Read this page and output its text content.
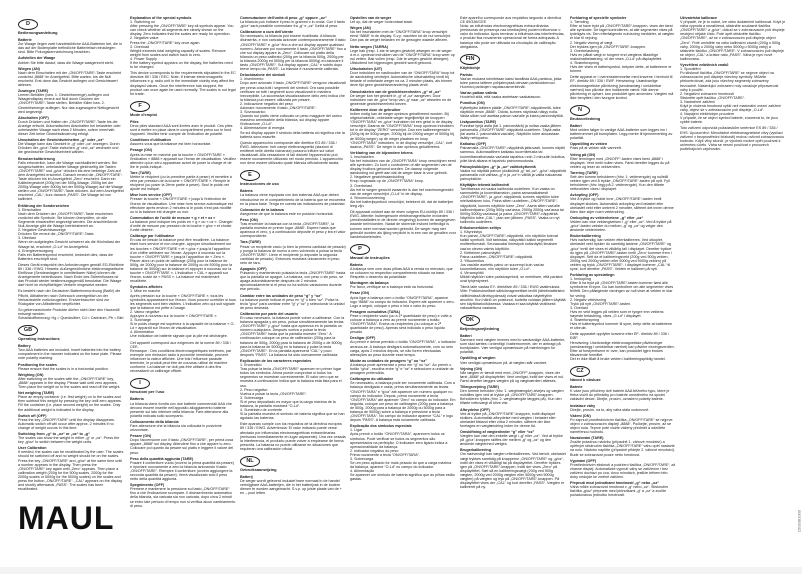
D
Bedienungsanleitung

Batterie
Zur Waage liegen zwei handelsübliche AAA-Batterien bei, die in das auf der Bodenplatte befindliche Batteriefach einzulegen sind. Bitte Polungskennzeichnung beachten.

Aufstellen der Waage
Achten Sie bitte darauf, dass die Waage waagerecht steht.

Wiegen (AN)
Nach dem Einschalten mit der „ON/OFF/TARE“-Taste erscheint zunächst „8888“ im Anzeigefeld. Bitte warten, bis die Null erscheint. Erst dann das Gewicht auflegen und Gewichtswert ablesen.

Zuwiegen (TARE)
Leeren Behälter (bzw. 1. Gewichtsmenge) auflegen und Waagendisplay erneut auf Null durch Drücken der „ON/OFF/TARE“-Taste stellen. Behälter füllen bzw. 2. Gewichtsmenge auflegen. Nur das zugewogene Nettogewicht wird angezeigt.

Abschalten (OFF)
Durch Drücken und Halten der „ON/OFF/TARE“-Taste bis die Anzeige erlischt. Automatisches Abschalten bei belasteter oder unbelasteter Waage nach etwa 2 Minuten, sofern innerhalb dieser Zeit keine Gewichtsänderung erfolgt.

Umschalten der Gewichtseinheiten „g“ oder „oz“
Die Waage kann das Gewicht in „g“ oder „oz“ anzeigen. Durch Drücken der „g/oz“-Taste zwischen „g“ und „oz“ wechseln und die gewünschte Gewichtseinheit wählen.

Benutzerkalibrierung
Falls erforderlich, kann die Waage nachkalibriert werden. Bei ausgeschalteter, unbelasteter Waage gleichzeitig die Tasten „ON/OFF/TARE“ und „g/oz“ drücken bis eine beliebige Zahl auf dem Anzeigefeld erscheint. Danach erneut die „ON/OFF/TARE“-Taste drücken bis im Anzeigefeld „Zero“ erscheint. Dann ein Kalibriergewicht (200g bei der 500g-Waage, 2000g bei der 2000g-Waage oder 5000g bei der 5000g-Waage) auf die Waage stellen und „ON/OFF/TARE“-Taste drücken. Auf dem Anzeigefeld erscheint „CAL“, kurz danach „PASS“. Die Waage ist nun kalibriert.

Erklärung der Sonderzeichen
1. Einschalten
Nach dem Drücken der „ON/OFF/TARE“-Taste erscheinen zunächst alle Symbole. Sie können überprüfen, ob alle Segmente einwandfrei angezeigt werden. Die anschließende Null-Anzeige gibt die Waage betriebsbereit an.
2. Negative Gewichtsanzeige
Drücken Sie erneut die „ON/OFF/TARE“-Taste.
3. Überlast
Wenn ein aufgelegtes Gewicht schwerer als die Höchstlast der Waage ist, erscheint „O-Ld“ im Anzeigefeld.
4. Energieversorgung
Falls ein Batteriesymbol erscheint, bedeutet dies, dass die Batterien erschöpft sind.

Dieses Gerät entspricht den Anforderungen gemäß EG-Richtlinie 89 / 336 / EWG. Hinweis: Außergewöhnliche elektromagnetische Einflüsse (Sendeanlagen in unmittelbarer Nähe) können die Anzeigewerte beeinflussen. Nach Ende des Störeinflusses ist das Produkt wieder bestimmungsgemäß benutzbar. Die Waage darf nicht im eichpflichtigen Verkehr eingesetzt werden.

Es besteht nach der Deutschen Batterieverordnung (BattV) die Pflicht, Altbatterien nach Gebrauch unentgeltlich an der Verkaufsstelle zurückzugeben. Endverbraucher sind zur Rückgabe von Altbatterien verpflichtet.

So gekennzeichnete Produkte dürfen nicht über den Hausmüll entsorgt werden.
Schadstoffkennung: Hg = Quecksilber, Cd = Cadmium, Pb = Blei

GB
Operating Instructions

Battery
Two AAA batteries are included. Insert batteries into the battery compartment in the manner indicated on the base plate. Please note polarity marking.

Positioning the scales
Please ensure that the scales is in a horizontal position.

Weighing (ON)
After switching on the scales with the „ON/OFF/TARE“ key, „8888“ appears in the display. Please wait until zero appears. Then place the weight on to the scales and read off the weight.

Net weighing (TARE)
Place an empty container (i.e. first weight) on to the scales and then subtract this weight by pressing the key until zero appears. Fill the container (i.e. place second weight) on the scales. Only the additional weight is indicated in the display.

Switch off (OFF)
Press the key „ON/OFF/TARE“ until the display disappears. Automatic switch off will occur after approx. 2 minutes if no change of weight occurs in this time.

Switching from „g“ to „oz“ or „oz“ to „g“
The scales can show the weight in either „g“ or „oz“. Press the key „g/oz“ to switch between the weight units.

User Calibration
If needed, the scales can be recalibrated by the user. The scales should be switched off and no weight should be on the scales. Press the key „ON/OFF/TARE“ and „g/oz“ at the same time until a number appears in the display. Then press the „ON/OFF/TARE“ key again until „Zero“ appears. Then place a calibration weight (200g for the 500g scales, 2000g for the 2000g scales or 5000g for the 5000g scales) on the scales and press the button „ON/OFF/TARE“. „CAL“ appears on the display and shortly afterwards „PASS“. The scales has been recalibrated.

MAUL

Explanation of the special symbols
1. Switching on
After pressing the „ON/OFF/TARE“ key all symbols appear. You can check whether all segments are clearly shown on the display. Zero indicates that the scales are ready for operation.
2. Negative value
Press the „ON/OFF/TARE“ key once again.
3. Overload
Weight exceeds total weighing capacity of scales. Remove weight from scales and switch back to zero.
4. Power Supply
If the battery symbol appears on the display, the batteries need to be changed.

This device corresponds to the requirements stipulated in the EC directive 89 / 336 / EEC. Note: If intense electromagnetic influences e.g. radio unit in the immediate vicinity may affect the displayed values. Once the interference has stopped, the product can once again be used normally. The scales is not legal for trade.

F
Mode d'emploi

Piles
Deux piles standard AAA sont livrées avec le produit. Ces piles sont à mettre en place dans le compartiment prévu sur le fond l'appareil. Veuillez tenir compte de l'indication de polarité.

Conditions d'utilisation
Assurez-vous que la balance est bien horizontale.

Pesage (ON)
Après la mise en marche par la touche « ON/OFF/TARE » l'indication « 8888 » apparaît sur l'écran de visualisation. Veuillez attendre qu'un zéro apparaisse avant de poser la charge et de lire le poids indiqué.

Tare (TARE)
Mettre le récipient (ou la première partie à peser) et remettre à zéro par pression de la touche « ON/OFF/TARE ». Remplir le récipient (ou poser la 2ème partie à peser). Seul le poids net ajouté est indiqué.

Mise hors service (OFF)
Presser la touche « ON/OFF/TARE » jusqu'à l'extinction de l'écran de visualisation. Une mise hors service automatique est effectuée après environ 2 minutes si le poids n'est pas modifié ou si la balance est chargée ou non.

Commutation de l'unité de mesure « g » et « oz »
La balance peut indiquer les poids en « g » ou « oz ». Changer d'unité de mesure par pression de la touche « g/oz » et choisir l'unité désirée.

Calibrage par l'utilisateur
En cas de besoin la balance peut être recalibrée. La balance étant hors service et non chargée, appuyer simultanément sur les touches « ON/OFF/TARE » et « g/oz » jusqu'à l'apparition d'un chiffre arbitraire sur l'écran. Appuyer à nouveau sur la touche « ON/OFF/TARE » jusqu'à l'apparition de « Zero ». Placer alors un poids de calibrage (200g pour la balance de 500g, de 2000g pour la balance de 2000g ou de 5000g pour la balance de 5000g) sur la balance et appuyer à nouveau sur la touche « ON/OFF/TARE ». L'indication « CAL » apparaît sur l'écran, suivie de « PASS ». La balance est maintenant recalibrée.

Symboles affichés
1. Mise en marche
Après pression sur la touche « ON/OFF/TARE », tous les symboles apparaissent sur l'écran. Vous pouvez contrôler si tous les segments sont bien visibles. L'indication zéro qui suit signale que la balance est prête à l'usage.
2. Valeur négative
Appuyez à nouveau sur la touche « ON/OFF/TARE ».
3. Surcharge
Si le poids chargé est supérieur à la capacité de la balance « O-Ld » apparaît sur l'écran de visualisation.
4. Alimentation
Une indication de batterie signale que la pile est déchargée.

Cet appareil correspond aux exigences de la norme 89 / 336 / CEE.
Remarque : Des conditions électromagnétiques extrêmes, par exemple une émission radio à proximité immédiate, peuvent influencer la valeur affichée. Une fois l'influence parasite terminée, le produit peut être de nouveau utilisé de manière conforme. La balance ne doit pas être utilisée à des fins nécessitant un calibrage officiel.

I
Istruzioni per l'uso

Batteria
La bilancia viene fornita con due batterie commerciali AAA che devono essere inserite nell'apposito alloggiamento batterie presente sul lato inferiore della bilancia. Fare attenzione alla polarità indicata sullo scomparto.

Collocamento della bilancia
Fare attenzione che la bilancia sia collocata in posizione orizzontale.

Pesare (ON)
Dopo l'accensione con il tasto „ON/OFF/TARE“, per prima cosa appare „8888“ sul display. Attendere fino a che appare lo zero. Collocare poi quanto da pesare sul piatto e leggere il valore del peso.

Peso della quantità aggiunta (TARE)
Posare il contenitore vuoto (ovvero la prima quantità da pesare) e riportare nuovamente a zero la bilancia azionando il tasto „ON/OFF/TARE“. Riempire il contenitore (ovvero aggiungere la seconda quantità da pesare). Verrà visualizzato solo il peso netto della quantità aggiunta.

Spegnimento (OFF)
Premere e mantenere la pressione sul tasto „ON/OFF/TARE“ fino a che l'indicazione scompare. Il disinserimento automatico della bilancia, sia caricata sia non caricata, dopo circa 2 minuti se entro tale periodo di tempo non si verifica alcun cambiamento di peso.

Commutazione dell'unità di peso „g“ oppure „oz“
La bilancia può indicare il peso in grammi o in oncia. Con il tasto „g/oz“ sarà possibile commutare fra „g“ e „oz“ l'unità di peso.

Calibrazione a cura dell'utente
Se necessario, la bilancia può essere ricalibrata. A bilancia disinserita, e non caricata azionare contemporaneamente il tasto „ON/OFF/TARE“ e „g/oz“ fino a che sul display appare qualsiasi numero. Azionare poi nuovamente il tasto „ON/OFF/TARE“ fino a che sul display appare la „Zero“. Collocare sul piatto della bilancia un peso calibrato (200g per la bilancia 500g, 2000g per la bilancia 2000g ed 5000g per la bilancia 5000g) ed azionare il tasto „ON/OFF/TARE“. Sul display appare „CAL“ e subito dopo breve tempo da „PASS“. La bilancia è nuovamente calibrata.

Delucidazione dei simboli
1. Inserimento
Dopo aver azionato il tasto „ON/OFF/TARE“ vengono visualizzati per prima cosa tutti i segmenti dei simboli. Ora sarà possibile verificare se tutti i segmenti sono visualizzati in maniera ineccepibile. La successiva visualizzazione dello zero indica che la bilancia può essere utilizzata per pesare.
2. Indicazione negativa del peso
Azionare nuovamente il tasto „ON/OFF/TARE“.
3. Sovraccarico
Quando sul piatto viene collocato un peso maggiore del carico massimo ammissibile della bilancia, sul display appare l'indicazione „O-Ld“.
4. Alimentazione di energia
Se sul display appare il simbolo della batteria ciò significa che la batteria sono esaurite.

Questo apparecchio corrisponde alle direttive EG 89 / 336 / EWG. Attenzione: forti campi elettromagnetici (stazioni di emittenti nelle diretta vicinanza) possono influire sui valori visualizzati. Alla cessazione di tali disturbi l'apparecchio può essere nuovamente utilizzato nel modo previsto. L'apparecchio non deve essere utilizzato quale bilancia ufficialmente tarata.

E
Instrucciones de uso

Batería
La balanza viene equipada con dos baterías AAA que deben introducirse en el compartimiento de la batería que se encuentra en la placa base. Tenga en cuenta las indicaciones de polaridad.

Colocación de la balanza
Asegúrese de que la balanza esté en posición horizontal.

Peso (ON)
Tras encender la balanza con la tecla „ON/OFF/TARE“, la pantalla muestra en primer lugar „8888“. Espere hasta que aparezca el cero, y a continuación deposite el peso y lea el valor correspondiente.

Tara (TARE)
Pesar un recipiente vacío (o bien la primera cantidad de pesado) y ponga la balanza de nuevo a cero volviendo a pulsar la tecla „ON/OFF/TARE“. Llene el recipiente (o deposite la segunda cantidad de pesado). Entonces mostrará únicamente el peso neto de tara.

Apagado (OFF)
Pulsando y manteniendo pulsada la tecla „ON/OFF/TARE“ hasta que la pantalla se apague. La balanza, con peso o sin peso, se apaga automáticamente después de 2 minutos aproximadamente si el peso no ha sufrido variaciones durante ese período.

Cambiar entre las unidades de peso “g” y “oz”
La balanza puede indicar el peso en “g” o bien “oz”. Pulse la tecla “g/oz” para cambiar entre “g” y “oz” y seleccionar la unidad de peso deseada.

Calibración por parte del usuario
En caso necesario, la balanza puede volver a calibrarse. Con la balanza apagada y sin peso, pulsar simultáneamente las teclas „ON/OFF/TARE“ y „g/oz“ hasta que aparezca en la pantalla un número cualquiera. Después vuelva a pulsar la tecla „ON/OFF/TARE“ hasta que la pantalla muestre “Zero”. A continuación coloque un peso de calibración (200g para la balanza de 500g, 2000g para la balanza de 2000g o de 5000g para la balanza de 5000g) en la balanza y pulse la tecla „ON/OFF/TARE“. En la pantalla aparecerá “CAL” y poco después “PASS”. La balanza ha sido nuevamente calibrada.

Explicación de los caracteres especiales
1. Encendido
Tras pulsar la tecla „ON/OFF/TARE“ aparecen en primer lugar todos los símbolos. Ahora puede comprobar si todos los segmentos se muestran correctamente. El valor cero que se muestra a continuación indica que la balanza está lista para el uso.
2. Peso negativo
Vuelva a pulsar la tecla „ON/OFF/TARE“.
3. Sobrecarga
Si el peso depositado es mayor que la carga máxima de la balanza, la pantalla mostrará “O-Ld”.
4. Suministro de corriente
Si la pantalla muestra el símbolo de batería significa que se han agotado las baterías.

Este aparato cumple con los requisitos de la directiva europea 89 / 336 / EWG. Advertencia: El valor indicado puede verse afectado por influencias electromagnéticas extraordinarias (emisoras inmediatamente en lugar adyacente). Una vez cesada la interferencia, el producto puede volver a emplearse de forma prescrita. La balanza no puede utilizarse en situaciones que requieran una calibración oficial.

NL
Gebruiksaanwijzing

Batterij
De weger wordt geleverd inclusief twee normaal in de handel verkrijgbare AAA-batterijen, die in het batterijvak in de bodem dienen te worden aangebracht. S.v.p. op juiste plaats van de + en – pool letten.

Opstellen van de weger
Let op, dat de weger horizontaal staat.

Wegen (AN)
Na het inschakelen met de “ON/OFF/TARA” knop verschijnt eerst “8888” in de display. S.v.p. wachten tot de nul verschijnt. Dan pas de weger belasten en de gewogen waarde aflezen.

Netto wegen (TARRA)
Lege bak (resp. 1.ste te wegen gewicht) afwegen en de weger d.m.v. opnieuw indrukken van de “ON/OFF/TARA” knop weer op nul zetten. Bak vullen (resp. 2de te wegen gewicht afwegen). Uitsluitend het bijgewogen gewicht wordt getoond.

Uitschakelen (UIT)
Door indrukken en vasthouden van de “ON/OFF/TARA” knop tot de aanduiding verdwijnt. Automatische uitschakeling vindt bij belaste of onbelaste weger na ca. 2 minuten plaats, als binnen deze tijd geen gewichtsverandering plaats vindt.

Omschakelen van de gewichtseenheden „g“ of „oz“
De weger kan het gewicht in „g“ of „oz“ aangeven. Door indrukken van de „g/oz“ knop van „g“ naar „oz“ wisselen en de gewenste gewichtseenheid kiezen.

Kalibreren door de gebruiker
Indien nodig kan de weger opnieuw gekalibreerd worden. Bij uitgeschakelde, onbelaste weger tegelijkertijd de knoppen “ON/OFF/TARA” en „g/oz“ indrukken tot een getal in de display verschijnt. Daarna de “ON/OFF/TARA” knop opnieuw indrukken tot in de display “ZERO” verschijnt. Dan een kalibreergewicht (200g bij de 500g weger, 2000g bij de 2000g weger of 5000g bij de 5000g weger) op de weger plaatsen en knop “ON/OFF/TARA” indrukken. In de display verschijnt „CAL“, kort daarna „PASS“. De weger is dan opnieuw gekalibreerd.

Verklaring van de bijzondere tekens
1. Inschakelen
Na het indrukken van de „ON/OFF/TARA“ knop verschijnen eerst alle symbolen. Zo kunt u controleren of alle segmenten van de display foutloos getoond worden. De daarop volgende aanduiding nul geeft aan dat de weger klaar is voor gebruik.
2. Negatieve gewichtsaanduiding
Knop nogmaals op de „ON/OFF/TARA“ knop.
3. Overbelast
Als het te wegen gewicht zwaarder is dan het maximumgewicht van de weger verschijnt „O-Ld“ in de display.
4. Stroomvoorziening
Als het batterijsymbool verschijnt, betekent dit, dat de batterijen leeg zijn.

Dit apparaat voldoet aan de eisen volgens EU-richtlijn 89 / 336 / EWG. Attentie: buitengewone elektromagnetische invloeden (zendinstallaties in de directe omgeving) kunnen de aangegeven waarde beïnvloeden. Nadat de storende invloed beëindigd is kunnen weer normaal worden gebruikt. De weger mag niet gebruikt worden als ijking verplicht is in een van de gevallen voor handelsdoeleinden.

P
Manual de instruções

Bateria
A balança vem com duas pilhas AAA à venda no mercado, que se colocam no respectivo compartimento situado na base. Respeite o desenho da polaridade.

Montagem da balança
Por favor, verifique se a balança está na horizontal.

Pesar (ON)
Após ligar a balança com o botão “ON/OFF/TARA”, aparece logo “8888” no campo do indicador. Espere até aparecer o zero. Logo a seguir, coloque o peso e leia o valor do peso.

Pesagem cumulativa (TARA)
Pese o recipiente vazio (ou a 1ª quantidade de peso) e volte a colocar a balança a zero ao premir novamente o botão “ON/OFF/TARA”. Encha os recipientes (ou coloque a 2ª quantidade de peso). Apenas será indicado o peso líquido pesado.

Desligar (OFF)
Ao premir e deixar premido o botão “ON/OFF/TARA”, o indicador arranca-se. A balança desligará automaticamente, com ou sem carga, após 2 minutos depois, se não forem efectuadas alterações ao peso durante esse tempo.

Mudar as unidades de pesagem “g” ou “oz”
A balança pode apresentar o peso em “g” ou “oz”. Ao premir o botão “g/oz”, escolha entre “g” e “oz” e seleccione a unidade de pesagem pretendida.

Calibragem do utilizador
Se necessário, a balança pode ser novamente calibrada. Com a balança desligada e vazia, prima simultaneamente as teclas “ON/OFF/TARA” e “g/oz” até aparecer um número qualquer no campo do indicador. Depois, prima novamente a tecla “ON/OFF/TARA” até aparecer “Zero” no campo do indicador. Em seguida, coloque um peso de calibragem (200g para a balança de 500g, 2000g para a balança de 2000g ou 5000g para a balança de 5000g) sobre a balança e pressione a tecla „ON/OFF/TARA“. No campo do indicador aparece “CAL” e logo depois “PASS”. A balança está novamente calibrada.

Explicação dos símbolos especiais
1. Ligar
Após premir o botão “ON/OFF/TARA”, aparecem todos os símbolos. Pode verificar se todos os segmentos são apresentados na perfeição. O indicador zero ligado indica a operacionalidade da balança.
2. Indicador negativo do peso
Prima novamente a tecla “ON/OFF/TARA”.
3. Sobrecarga
Se um peso aplicado for mais pesado do que a carga máxima da balança, aparece “O-Ld” no campo do indicador.
4. Alimentação
Se aparecer um símbolo de bateria significa que as pilhas estão gastas.

Este aparelho corresponde aos requisitos segundo a directiva CE 89/336/CEE.
Nota: as influências electromagnéticas extraordinárias (emissoras de presença nas imediações) podem influenciar o valor do indicador. Após terminar a influência das interferências, o produto fica novamente operacional de forma adequada. A balança não pode ser utilizada na circulação de calibração obrigatória.

FIN
Käyttöohje

Paristo
Vaa'an mukana toimitetaan kaksi tavallista AAA-paristoa, jotka tulee panna laitteen pohjalevyssä olevaan paristolokeroon. Huomioi paristojen napaisuusmerkinnät.

Vaa'an paikan valinta
Huolehdi siitä, että vaaka asetetaan vaakatasoon.

Punnitus (ON)
Kytkettyäsi laitteen päälle „ON/OFF/TARE“-näppäimellä, tulee näyttöön ensin „8888“. Odota, kunnes näytössä näkyy nolla. Vasta silloin voit asettaa painon vaa'alle ja lukea painonnäyttöä.

Lisäpunnitus (TARE)
Punnitse tyhjä astia (tai 1. painomäärä) ja nollaa vaaka jälleen painamalla „ON/OFF/TARE“-näppäintä uudelleen. Täytä astia (tai aseta 2. painomäärä vaa'alle). Näyttöön tulee ainoastaan lisätty nettopaino.

Katkaisu (OFF)
Painamalla „ON/OFF/TARE“-näppäintä jatkuvasti, kunnes näyttö sammuu. Automaattinen katkaisu kuormitetusta tai kuormittamattomasta vaa'asta tapahtuu noin 2 minuutin kuluttua, jollei tänä aikana ei tapahdu painonmuutosta.

Painoyksikköjen „g“ ja „oz“ vaihtokytkentä
Vaaka voi näyttää painon yksikköinä „g“ tai „oz“. „g/oz“-näppäintä painamalla voit vaihtaa „g“:n ja „oz“:n välillä ja valita haluamasi painoyksikön.

Käyttäjän tekemä kalibrointi
Tarvittaessa voi vaaka kalibroida uudelleen. Kun vaaka on sammutettu ja kuormittamaton, paina samanaikaisesti „ON/OFF/TARE“- ja „g/oz“-näppäimiä, kunnes näyttöön tulee mielivaltainen luku. Paina sitten uudelleen „ON/OFF/TARE“-näppäintä, kunnes näyttöön tulee „Zero“. Aseta sitten vaa'alle kalibrointipaino (200g 500g vaa'assa, 2000g 2000g vaa'assa tai 5000g 5000g vaa'assa) ja paina „ON/OFF/TARE“-näppäintä. Näyttöön tulee „CAL“, pian sen jälkeen „PASS“. Vaaka on nyt kalibroitu uudelleen.

Erikoismerkkien selitys
1. Käynnistys
Kun painat „ON/OFF/TARE“-näppäintä, niin näyttöön tulevat kaikki symbolit. Voit tarkistaa, näkyvätkö kaikki segmentit moitteettomasti. Seuraavaksi ilmestyvä nollanäyttö ilmaisee vaa'an olevan valmis käyttöön.
2. Kielteinen painonäyttö
Paina uudelleen „ON/OFF/TARE“-näppäintä.
3. Ylikuormitus
Jos vaa'alle asetettu paino on suurempi kuin vaa'an kuormitettavuus, niin näyttöön tulee „O-Ld“.
4. Virransyöttö
Mikäli näyttöön tulee paristosymboli, se merkitsee, että paristot ovat tyhjentyneet.

Tämä laite vastaa EY- direktiivin 89 / 336 / EWG vaatimuksia. Viite: Poikkeukselliset sähkömagneettiset levitit (lähetinlaitteistot välittömässä läheisyydessä) voivat vaikuttaa näytettyihin arvoihin. Kun häiriö on poistunut, tuotetta voidaan jälleen käyttää sen käyttötarkoituksessa. Vaakaa ei saa käyttää virallisesti vakautettuna vaakana.

DK
Betjeningsvejledning

Batteri
Sammen med vægten leveres med to sædvanlige AAA-batterier, som skal sættes i ordentligt i batterirummet, der er anbragt på bundpladen. Vær venligst opmærksom på mærkningen for polarität.

Opstilling af vægten
Vær venligst opmærksom på, at vægten står vandret.

Vejning (ON)
Når vægten er tændt med med „ON/OFF“-knappen, vises der først „8888“ på displayfeltet. Vent venligst, indtil der vises et nul. Først derefter lægges vægten på og vægtværdien aflæses.

Tillægsvejning (TARE)
Den tomme beholder (hhv. 1. vægtmængde) afvejes og vægten nulstilles igen ved at trykke på „ON/OFF/TARE“-knappen. Beholderen fyldes (hhv. 2. vægtmængde lægges på). Kun den tilførte nettovægt vil blive vist.

Afbrydelse (OFF)
Ved at trykke på „ON/OFF/TARE“-knappen, indtil displayet slukkes. Automatisk afbrydelse med vægten i belastet eller ubelastet tilstand efter cirka 2 minutter, såfremt der ikke foretages en vægtændring inden for denne tid.

Omskiftning af vægtenheder “g” eller “oz”
Vægten kan vise den enkelte vægt i „g“ eller „oz“. Ved at trykke på „g/oz“-knappen skiftes der mellem „g“ og „oz“ og den ønskede vægtenhed vælges.

Brugerkalibrering
Om nødvendigt kan vægten efterkalibreres. Ved tændt, ubelastet vægt trykkes samtidig på knapperne „ON/OFF/TARE“ og „g/oz“, indtil der vises et vilkårligt tal på displayfeltet. Derefter trykkes igen på „ON/OFF/TARE“-knappen, indtil der vises „Zero“ på displayfeltet. Sæt så en kalibreringsvægt (200g ved 500g vægten, 2000g ved 2000g vægten eller 5000g ved 5000g vægten) på vægten og tryk på „ON/OFF/TARE“-knappen. På displayfeltet vises der „CAL“ og kort derefter „PASS“. Vægten er kalibreret på ny.

Forklaring af specielle symboler
1. Tænding
Efter at have trykt på „ON/OFF/TARE“-knappen, vises der først alle symboler. De taget kontrolleres, at alle segmenter vises på tydeligvis vis. Den efterfølgende nulvisning meddeler, at vægten er klar til vejning.
2. Negativ visning af vægt
Der trykkes igen på „ON/OFF/TARE“-knappen.
3. Overbelastning
Hvis en påkat vægt er tungere end vægtens tilladelige maksimalbelastning, vil der vises „O-Ld“ på displayfeltet.
4. Strømforsyning
Hvis der vises et batterisymbol, betyder dette, at batterierne er tomme.

Dette apparat er i overensstemmelse med kravene i henhold til EF- direktiv 89 / 336 / EWF. Henvisning: Usædvanlige elektromagnetiske påvirkning (sendeanlæg i umiddelbar nærhed) kan påvirke den indikerede værdi. Når denne påvirkning er ophørt, kan produktet igen anvendes. Vægten må ikke benyttes i den tvungne kontrol.

N
Bruksveiledning

Batteri
Med vekten følger to vanlige AAA-batterier som legges inn i batterirommet på bunnplaten. Legg merke til kjennemerking av polarität.

Oppstilling av vekten
Pass på at vekten står vannrett.

Veiing på (ON)
Etter tenningen med „ON/OFF“-tasten vises først „8888“ i displayet. Vent inntil nullen vises. Først deretter legges du på vekten og leser av vektverdien.

Tarering (TARE)
Sett den tomme beholderen (hhv. 1. vektmengde) og nullstill vekten igjen ved å trykke „ON/OFF/TARE“-tasten på nytt. Fyll beholderen (hhv. legg på 2. vektmengde). Kun den tilførte nettovekten vises i displayet.

Avkopling (OFF)
Ved å trykke og holde inne „ON/OFF/TARE“-tasten inntil displayet slukkes. Automatisk avkopling ved belastet eller ubelastet vekt etter omtrent 2 minutter, såfremt det innen denne tiden ikke skjer noen vektendring.

Omkopling av vektenhetene „g“ eller „oz“
Vekten kan vise vektangivelsen i „g“ eller „oz“. Ved å trykke på „g/oz“-tasten veksler du mellom „g“ og „oz“ og velger den ønskede vektenheten.

Brukerkalibrering
Hvis nødvendig, kan vekten etterkalibreres. Ved utkoplet, ubelastet vekt trykker du samtidig tastene „ON/OFF/TARE“ og „g/oz“ inntil det vises et vilkårlig tall i displayet. Deretter trykker du igjen på „ON/OFF/TARE“-tasten inntil „Zero“ kommer frem i displayet. Sett da et kalibreringsvekt (200g ved 500g vekten, 2000g ved 2000g vekten eller 5000g ved 5000g vekten) på vekten og trykk „ON/OFF/TARE“. I displayet kommer „CAL“ til syne, kort deretter „PASS“. Vekten er kalibrert på nytt.

Forklaring av spesialtegn
1. Innkopling
Etter å ha trykt på „ON/OFF/TARE“-tasten kommer først alle symbolene til syne. Du kan kontrollere om alle segmenter vises feilfritt. Den påfølgende visningen av null viser at vekten er klar for veiing.
2. Negativ vektvisning
Trykk på nytt „ON/OFF/TARE“-tasten.
3. Overlast
Hvis en vekt legges på vekten som er tyngre enn vektens høyeste belastning, vises „O-Ld“ i displayet.
4. Strømforsyning
Hvis et batterisymbol kommer til syne, betyr dette at batteriene er utbrukt.

Dette apparatet oppfyller kravene etter EF- direktiv 89 / 336 / EØF.
Henvisning: Usedvanlige elektromagnetiske påvirkninger (sendeanlegg i umiddelbar nærhet) kan påvirke visningsverdien. Etter at forstyrrelsene er over, kan produktet igjen brukes tilsvarende formålet.
Det er ikke tillatt å bruke vekten i kalibreringspliktig handel.

CZ
Návod k obsluze

Baterie
K váze jsou přiloženy dvě baterie AAA běžného typu, které je třeba vložit do přihrádky pro baterie umístěného na spodní základní desce. Dbejte, prosím, označení polarity baterie.

Instalace váhy
Dbejte, prosím, na to, aby váha stála vodorovně.

Vážení (ON)
Po zapnutí prostřednictvím tlačítka „ON/OFF/TARE“ se nejprve objeví v zobrazovacím displeji „8888“. Počkejte, prosím, až se objeví nula. Teprve poté vložte vážený předmět a odečtěte naměřenou hodnotu.

Navažování (TARE)
Zvažte prázdnou nádobu (případně 1. váhové množství) a opětným stisknutím tlačítka „ON/OFF/TARE“ váhu opět nastavte na nulu. Nádobu naplňte (případně přidejte 2. váhové množství). Bude se zobrazovat pouze netto hmotnost.

Vypínání (OFF)
Prostřednictvím stisknutí a podržení tlačítka „ON/OFF/TARE“, až zhasne displej. Automatické vypnutí váhy se zatížením i bez zatížení dochází po cca. dvou minutách, jestliže během této doby nedojde ke změně zatížení.

Přepnutí mezi jednotkami hmotnosti „g“ nebo „oz“
Váha může zobrazovat hmotnost v „g“ nebo „oz“. Stisknutím tlačítka „g/oz“ přepnete mezi jednotkami „g“ a „oz“ a zvolíte požadovanou jednotku hmotnosti.

Uživatelská kalibrace
V případě, že je to nutné, lze váhu dodatečně kalibrovat. Když je váha vypnutá a nezatížená, stiskněte současně tlačítka „ON/OFF/TARE“ a „g/oz“, dokud se v zobrazovacím poli displeje neobjeví nějaké číslo. Poté opět stiskněte tlačítko „ON/OFF/TARE“, až se v zobrazovacím poli displeje objeví „Zero“. Poté umístěte na váhu kalibrační závaží (200g u 500g váhy, 2000g u 2000g váhy nebo 5000g u 5000g váhy) a stiskněte tlačítko „ON/OFF/TARE“. V zobrazovacím poli displeje se objeví „CAL“ a krátce nato „PASS“. Váha je nyní nově kalibrována.

Vysvětlení zvláštních znaků
1. Spouštění
Po stisknutí tlačítka „ON/OFF/TARE“ se nejprve objeví na zobrazovacím poli displeje všechny symboly. Můžete překontrolovat, zda jsou všechny segmenty zobrazeny bezvadně. Následující zobrazení nuly označuje připravenost váhy k použití.
2. Negativní zobrazení hmotnosti
Stiskněte opět tlačítko „ON/OFF/TARE“.
3. Nadměrné zatížení
Když je vložená hmotnost vyšší než maximální mezní zatížení váhy, objeví se v zobrazovacím poli displeje „O-Ld“.
4. Napájení elektrickým proudem
V případě, že se objeví symbol baterie, znamená to, že jsou vybité baterie.

Toto zařízení odpovídá požadavkům směrnice ES 89 / 336 / EHS. Upozornění: Mimořádné elektromagnetické vlivy (vysílací zařízení v bezprostřední blízkosti) mohou ovlivnit zobrazovanou hodnotu. Když vlivy skončí, je výrobek možné opět používat k určenému účelu. Váha se nesmí používat v provozech podléhajících cejchování.

1503381000
